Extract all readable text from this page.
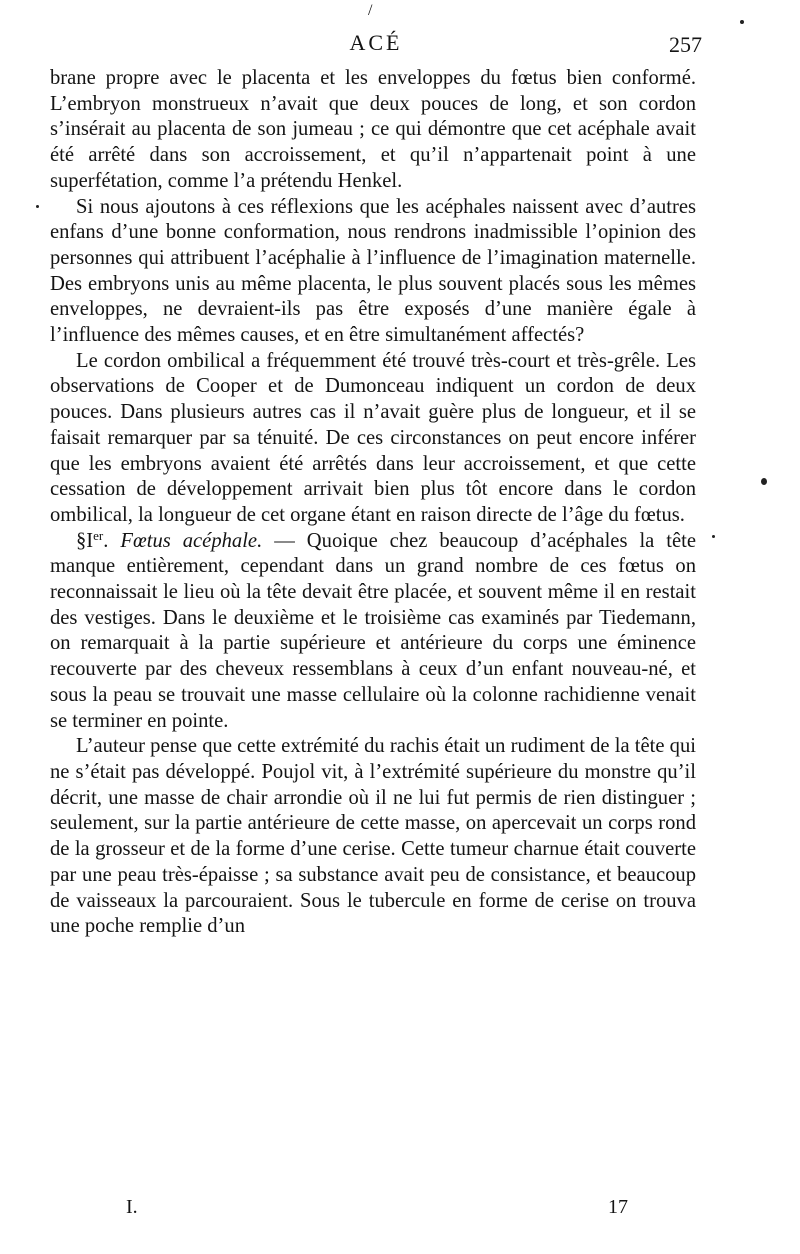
/
ACÉ	257

brane propre avec le placenta et les enveloppes du fœtus bien conformé. L’embryon monstrueux n’avait que deux pouces de long, et son cordon s’insérait au placenta de son jumeau ; ce qui démontre que cet acéphale avait été arrêté dans son accroissement, et qu’il n’appartenait point à une superfétation, comme l’a prétendu Henkel.

Si nous ajoutons à ces réflexions que les acéphales naissent avec d’autres enfans d’une bonne conformation, nous rendrons inadmissible l’opinion des personnes qui attribuent l’acéphalie à l’influence de l’imagination maternelle. Des embryons unis au même placenta, le plus souvent placés sous les mêmes enveloppes, ne devraient-ils pas être exposés d’une manière égale à l’influence des mêmes causes, et en être simultanément affectés?

Le cordon ombilical a fréquemment été trouvé très-court et très-grêle. Les observations de Cooper et de Dumonceau indiquent un cordon de deux pouces. Dans plusieurs autres cas il n’avait guère plus de longueur, et il se faisait remarquer par sa ténuité. De ces circonstances on peut encore inférer que les embryons avaient été arrêtés dans leur accroissement, et que cette cessation de développement arrivait bien plus tôt encore dans le cordon ombilical, la longueur de cet organe étant en raison directe de l’âge du fœtus.

§Ier. Fœtus acéphale. — Quoique chez beaucoup d’acéphales la tête manque entièrement, cependant dans un grand nombre de ces fœtus on reconnaissait le lieu où la tête devait être placée, et souvent même il en restait des vestiges. Dans le deuxième et le troisième cas examinés par Tiedemann, on remarquait à la partie supérieure et antérieure du corps une éminence recouverte par des cheveux ressemblans à ceux d’un enfant nouveau-né, et sous la peau se trouvait une masse cellulaire où la colonne rachidienne venait se terminer en pointe.

L’auteur pense que cette extrémité du rachis était un rudiment de la tête qui ne s’était pas développé. Poujol vit, à l’extrémité supérieure du monstre qu’il décrit, une masse de chair arrondie où il ne lui fut permis de rien distinguer ; seulement, sur la partie antérieure de cette masse, on apercevait un corps rond de la grosseur et de la forme d’une cerise. Cette tumeur charnue était couverte par une peau très-épaisse ; sa substance avait peu de consistance, et beaucoup de vaisseaux la parcouraient. Sous le tubercule en forme de cerise on trouva une poche remplie d’un

I.	17
